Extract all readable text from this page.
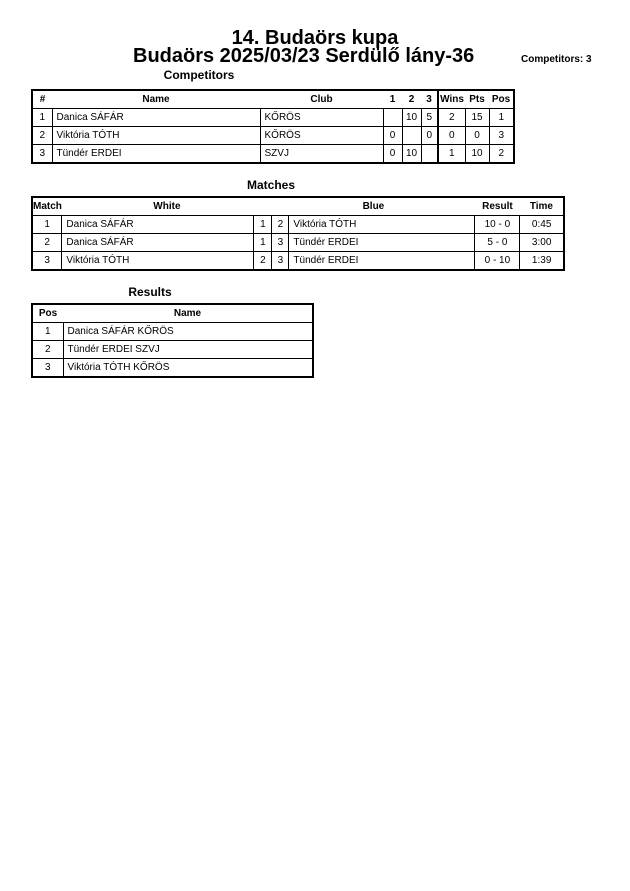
14. Budaörs kupa
Budaörs 2025/03/23 Serdülő lány-36	Competitors: 3
Competitors
#	Name	Club	1	2	3	Wins	Pts	Pos
1	Danica SÁFÁR	KŐRÖS		10	5	2	15	1
2	Viktória TÓTH	KŐRÖS	0		0	0	0	3
3	Tündér ERDEI	SZVJ	0	10		1	10	2
Matches
Match	White		Blue		Result	Time
1	Danica SÁFÁR	1	2	Viktória TÓTH	10 - 0	0:45
2	Danica SÁFÁR	1	3	Tündér ERDEI	5 - 0	3:00
3	Viktória TÓTH	2	3	Tündér ERDEI	0 - 10	1:39
Results
Pos	Name
1	Danica SÁFÁR KŐRÖS
2	Tündér ERDEI SZVJ
3	Viktória TÓTH KŐRÖS
